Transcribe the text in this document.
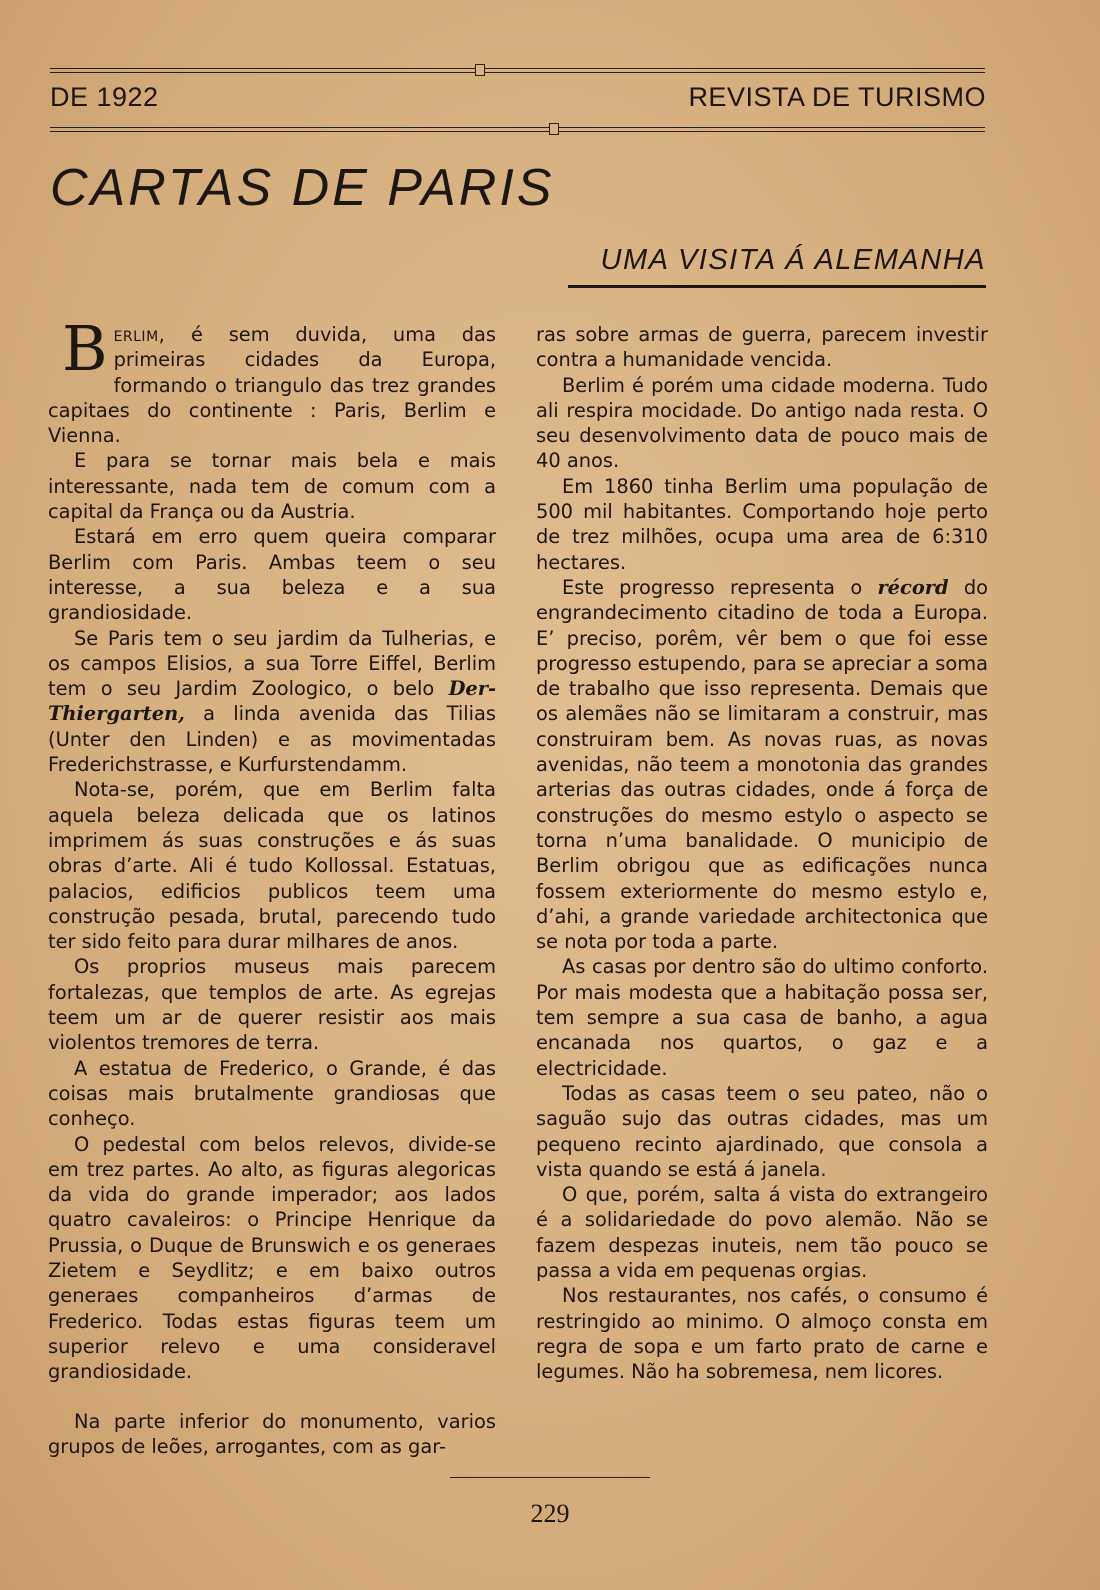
DE 1922	REVISTA DE TURISMO
CARTAS DE PARIS
UMA VISITA Á ALEMANHA

Berlim, é sem duvida, uma das primeiras cidades da Europa, formando o triangulo das trez grandes capitaes do continente : Paris, Berlim e Vienna.

E para se tornar mais bela e mais interessante, nada tem de comum com a capital da França ou da Austria.

Estará em erro quem queira comparar Berlim com Paris. Ambas teem o seu interesse, a sua beleza e a sua grandiosidade.

Se Paris tem o seu jardim da Tulherias, e os campos Elisios, a sua Torre Eiffel, Berlim tem o seu Jardim Zoologico, o belo Der-Thiergarten, a linda avenida das Tilias (Unter den Linden) e as movimentadas Frederichstrasse, e Kurfurstendamm.

Nota-se, porém, que em Berlim falta aquela beleza delicada que os latinos imprimem ás suas construções e ás suas obras d’arte. Ali é tudo Kollossal. Estatuas, palacios, edificios publicos teem uma construção pesada, brutal, parecendo tudo ter sido feito para durar milhares de anos.

Os proprios museus mais parecem fortalezas, que templos de arte. As egrejas teem um ar de querer resistir aos mais violentos tremores de terra.

A estatua de Frederico, o Grande, é das coisas mais brutalmente grandiosas que conheço.

O pedestal com belos relevos, divide-se em trez partes. Ao alto, as figuras alegoricas da vida do grande imperador; aos lados quatro cavaleiros: o Principe Henrique da Prussia, o Duque de Brunswich e os generaes Zietem e Seydlitz; e em baixo outros generaes companheiros d’armas de Frederico. Todas estas figuras teem um superior relevo e uma consideravel grandiosidade.

Na parte inferior do monumento, varios grupos de leões, arrogantes, com as gar-

ras sobre armas de guerra, parecem investir contra a humanidade vencida.

Berlim é porém uma cidade moderna. Tudo ali respira mocidade. Do antigo nada resta. O seu desenvolvimento data de pouco mais de 40 anos.

Em 1860 tinha Berlim uma população de 500 mil habitantes. Comportando hoje perto de trez milhões, ocupa uma area de 6:310 hectares.

Este progresso representa o récord do engrandecimento citadino de toda a Europa. E’ preciso, porêm, vêr bem o que foi esse progresso estupendo, para se apreciar a soma de trabalho que isso representa. Demais que os alemães não se limitaram a construir, mas construiram bem. As novas ruas, as novas avenidas, não teem a monotonia das grandes arterias das outras cidades, onde á força de construções do mesmo estylo o aspecto se torna n’uma banalidade. O municipio de Berlim obrigou que as edificações nunca fossem exteriormente do mesmo estylo e, d’ahi, a grande variedade architectonica que se nota por toda a parte.

As casas por dentro são do ultimo conforto. Por mais modesta que a habitação possa ser, tem sempre a sua casa de banho, a agua encanada nos quartos, o gaz e a electricidade.

Todas as casas teem o seu pateo, não o saguão sujo das outras cidades, mas um pequeno recinto ajardinado, que consola a vista quando se está á janela.

O que, porém, salta á vista do extrangeiro é a solidariedade do povo alemão. Não se fazem despezas inuteis, nem tão pouco se passa a vida em pequenas orgias.

Nos restaurantes, nos cafés, o consumo é restringido ao minimo. O almoço consta em regra de sopa e um farto prato de carne e legumes. Não ha sobremesa, nem licores.

229
